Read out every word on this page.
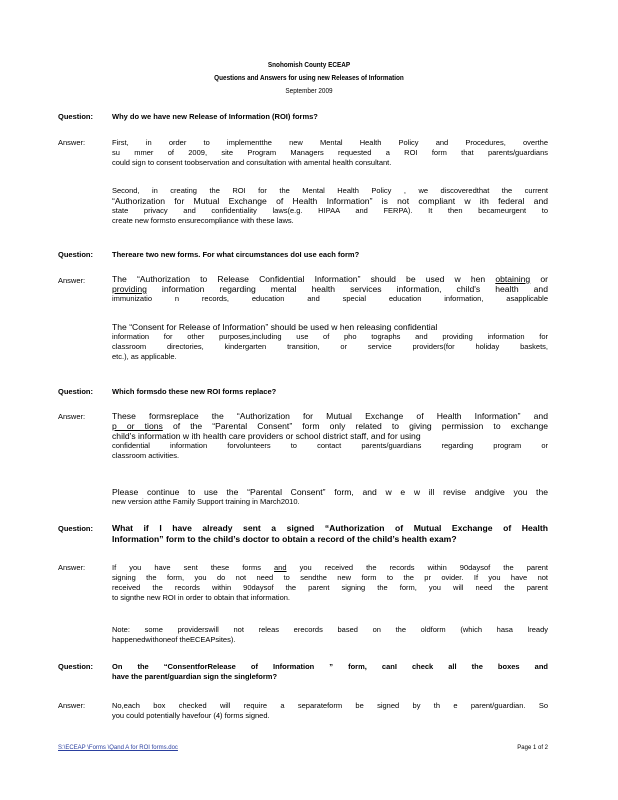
Snohomish County ECEAP
Questions and Answers for using new Releases of Information
September 2009
Question:	Why do we have new Release of Information (ROI) forms?
Answer:	First, in order to implementthe new Mental Health Policy and Procedures, overthe
su mmer of 2009, site Program Managers requested a ROI form that parents/guardians
could sign to consent toobservation and consultation with amental health consultant.
Second, in creating the ROI for the Mental Health Policy , we discoveredthat the current
“Authorization for Mutual Exchange of Health Information” is not compliant w ith federal and
state privacy and confidentiality laws(e.g. HIPAA and FERPA). It then becameurgent to
create new formsto ensurecompliance with these laws.
Question:	Thereare two new forms. For what circumstances doI use each form?
Answer:	The “Authorization to Release Confidential Information” should be used w hen obtaining or
providing information regarding mental health services information, child's health and
immunizatio n records, education and special education information, asapplicable
The “Consent for Release of Information” should be used w hen releasing confidential
information for other purposes,including use of pho tographs and providing information for
classroom directories, kindergarten transition, or service providers(for holiday baskets,
etc.), as applicable.
Question:	Which formsdo these new ROI forms replace?
Answer:	These formsreplace the “Authorization for Mutual Exchange of Health Information” and
p or tions of the “Parental Consent” form only related to giving permission to exchange
child's information w ith health care providers or school district staff, and for using
confidential information forvolunteers to contact parents/guardians regarding program or
classroom activities.
Please continue to use the “Parental Consent” form, and w e w ill revise andgive you the
new version atthe Family Support training in March2010.
Question:	What if I have already sent a signed “Authorization of Mutual Exchange of Health
Information” form to the child’s doctor to obtain a record of the child’s health exam?
Answer:	If you have sent these forms and you received the records within 90daysof the parent
signing the form, you do not need to sendthe new form to the pr ovider. If you have not
received the records within 90daysof the parent signing the form, you will need the parent
to signthe new ROI in order to obtain that information.
Note: some providerswill not releas erecords based on the oldform (which hasa lready
happenedwithoneof theECEAPsites).
Question:	On the “ConsentforRelease of Information ” form, canI check all the boxes and
have the parent/guardian sign the singleform?
Answer:	No,each box checked will require a separateform be signed by th e parent/guardian. So
you could potentially havefour (4) forms signed.
S:\ECEAP \Forms \Qand A for ROI forms.doc	Page 1 of 2
